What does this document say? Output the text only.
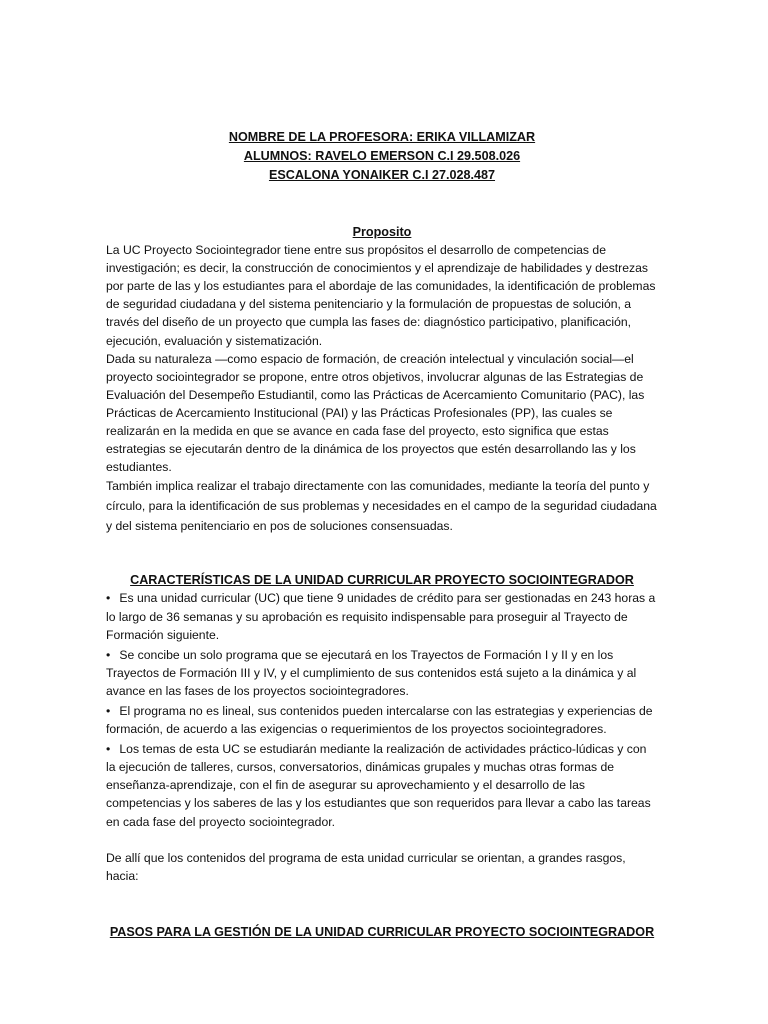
NOMBRE DE LA PROFESORA: ERIKA VILLAMIZAR
ALUMNOS: RAVELO EMERSON C.I 29.508.026
ESCALONA YONAIKER C.I 27.028.487
Proposito

La UC Proyecto Sociointegrador tiene entre sus propósitos el desarrollo de competencias de investigación; es decir, la construcción de conocimientos y el aprendizaje de habilidades y destrezas por parte de las y los estudiantes para el abordaje de las comunidades, la identificación de problemas de seguridad ciudadana y del sistema penitenciario y la formulación de propuestas de solución, a través del diseño de un proyecto que cumpla las fases de: diagnóstico participativo, planificación, ejecución, evaluación y sistematización.

Dada su naturaleza —como espacio de formación, de creación intelectual y vinculación social—el proyecto sociointegrador se propone, entre otros objetivos, involucrar algunas de las Estrategias de Evaluación del Desempeño Estudiantil, como las Prácticas de Acercamiento Comunitario (PAC), las Prácticas de Acercamiento Institucional (PAI) y las Prácticas Profesionales (PP), las cuales se realizarán en la medida en que se avance en cada fase del proyecto, esto significa que estas estrategias se ejecutarán dentro de la dinámica de los proyectos que estén desarrollando las y los estudiantes.

También implica realizar el trabajo directamente con las comunidades, mediante la teoría del punto y círculo, para la identificación de sus problemas y necesidades en el campo de la seguridad ciudadana y del sistema penitenciario en pos de soluciones consensuadas.

CARACTERÍSTICAS DE LA UNIDAD CURRICULAR PROYECTO SOCIOINTEGRADOR

• Es una unidad curricular (UC) que tiene 9 unidades de crédito para ser gestionadas en 243 horas a lo largo de 36 semanas y su aprobación es requisito indispensable para proseguir al Trayecto de Formación siguiente.

• Se concibe un solo programa que se ejecutará en los Trayectos de Formación I y II y en los Trayectos de Formación III y IV, y el cumplimiento de sus contenidos está sujeto a la dinámica y al avance en las fases de los proyectos sociointegradores.

• El programa no es lineal, sus contenidos pueden intercalarse con las estrategias y experiencias de formación, de acuerdo a las exigencias o requerimientos de los proyectos sociointegradores.

• Los temas de esta UC se estudiarán mediante la realización de actividades práctico-lúdicas y con la ejecución de talleres, cursos, conversatorios, dinámicas grupales y muchas otras formas de enseñanza-aprendizaje, con el fin de asegurar su aprovechamiento y el desarrollo de las competencias y los saberes de las y los estudiantes que son requeridos para llevar a cabo las tareas en cada fase del proyecto sociointegrador.

De allí que los contenidos del programa de esta unidad curricular se orientan, a grandes rasgos, hacia:

PASOS PARA LA GESTIÓN DE LA UNIDAD CURRICULAR PROYECTO SOCIOINTEGRADOR
